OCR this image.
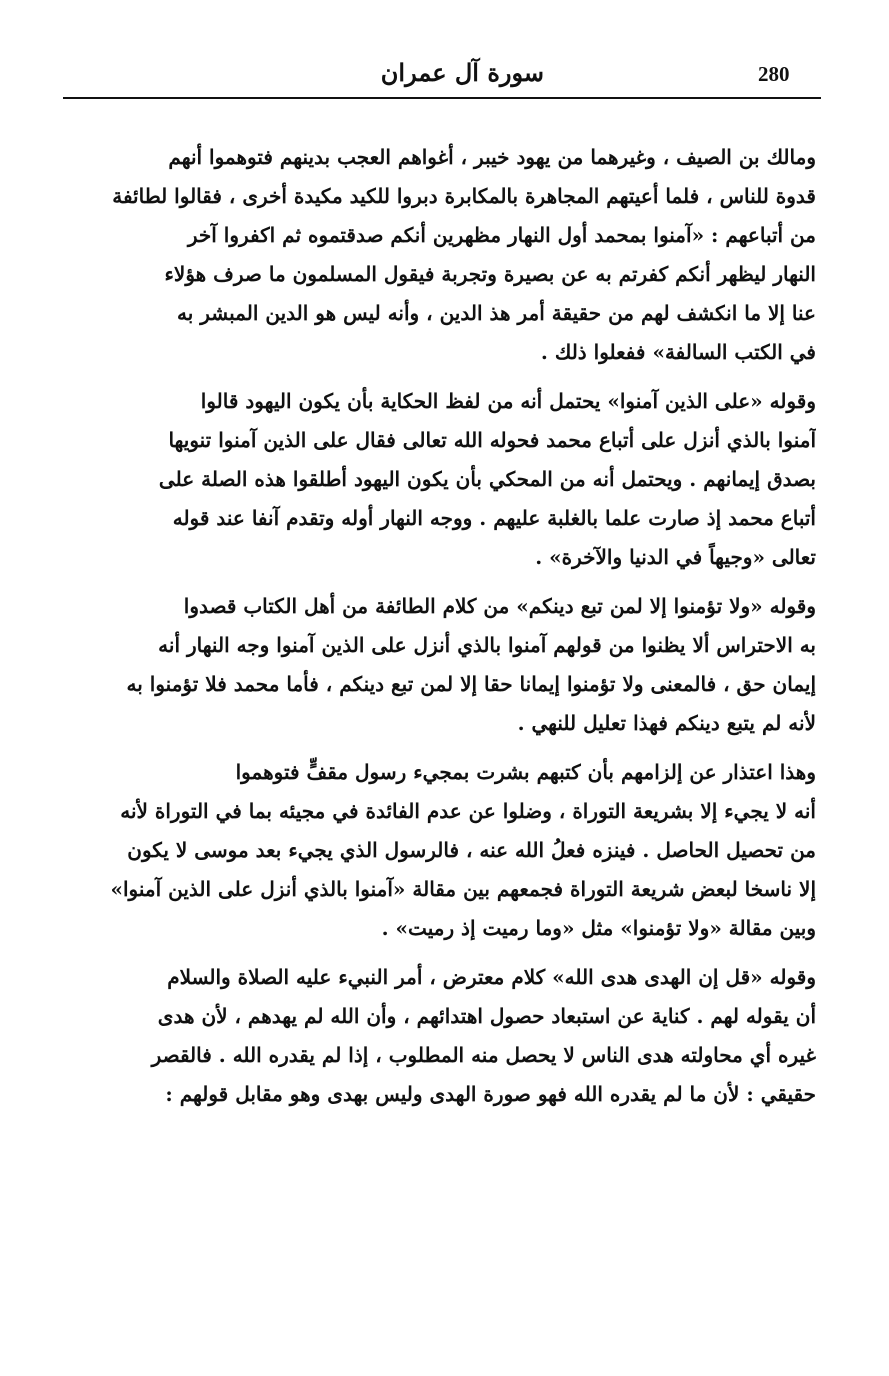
280
سورة آل عمران
ومالك بن الصيف ، وغيرهما من يهود خيبر ، أغواهم العجب بدينهم فتوهموا أنهم
قدوة للناس ، فلما أعيتهم المجاهرة بالمكابرة دبروا للكيد مكيدة أخرى ، فقالوا لطائفة
من أتباعهم : «آمنوا بمحمد أول النهار مظهرين أنكم صدقتموه ثم اكفروا آخر
النهار ليظهر أنكم كفرتم به عن بصيرة وتجربة فيقول المسلمون ما صرف هؤلاء
عنا إلا ما انكشف لهم من حقيقة أمر هذ الدين ، وأنه ليس هو الدين المبشر به
في الكتب السالفة» ففعلوا ذلك .
وقوله «على الذين آمنوا» يحتمل أنه من لفظ الحكاية بأن يكون اليهود قالوا
آمنوا بالذي أنزل على أتباع محمد فحوله الله تعالى فقال على الذين آمنوا تنويها
بصدق إيمانهم . ويحتمل أنه من المحكي بأن يكون اليهود أطلقوا هذه الصلة على
أتباع محمد إذ صارت علما بالغلبة عليهم . ووجه النهار أوله وتقدم آنفا عند قوله
تعالى «وجيهاً في الدنيا والآخرة» .
وقوله «ولا تؤمنوا إلا لمن تبع دينكم» من كلام الطائفة من أهل الكتاب قصدوا
به الاحتراس ألا يظنوا من قولهم آمنوا بالذي أنزل على الذين آمنوا وجه النهار أنه
إيمان حق ، فالمعنى ولا تؤمنوا إيمانا حقا إلا لمن تبع دينكم ، فأما محمد فلا تؤمنوا به
لأنه لم يتبع دينكم فهذا تعليل للنهي .
وهذا اعتذار عن إلزامهم بأن كتبهم بشرت بمجيء رسول مقفٍّ فتوهموا
أنه لا يجيء إلا بشريعة التوراة ، وضلوا عن عدم الفائدة في مجيئه بما في التوراة لأنه
من تحصيل الحاصل . فينزه فعلُ الله عنه ، فالرسول الذي يجيء بعد موسى لا يكون
إلا ناسخا لبعض شريعة التوراة فجمعهم بين مقالة «آمنوا بالذي أنزل على الذين آمنوا»
وبين مقالة «ولا تؤمنوا» مثل «وما رميت إذ رميت» .
وقوله «قل إن الهدى هدى الله» كلام معترض ، أمر النبيء عليه الصلاة والسلام
أن يقوله لهم . كناية عن استبعاد حصول اهتدائهم ، وأن الله لم يهدهم ، لأن هدى
غيره أي محاولته هدى الناس لا يحصل منه المطلوب ، إذا لم يقدره الله . فالقصر
حقيقي : لأن ما لم يقدره الله فهو صورة الهدى وليس بهدى وهو مقابل قولهم :
